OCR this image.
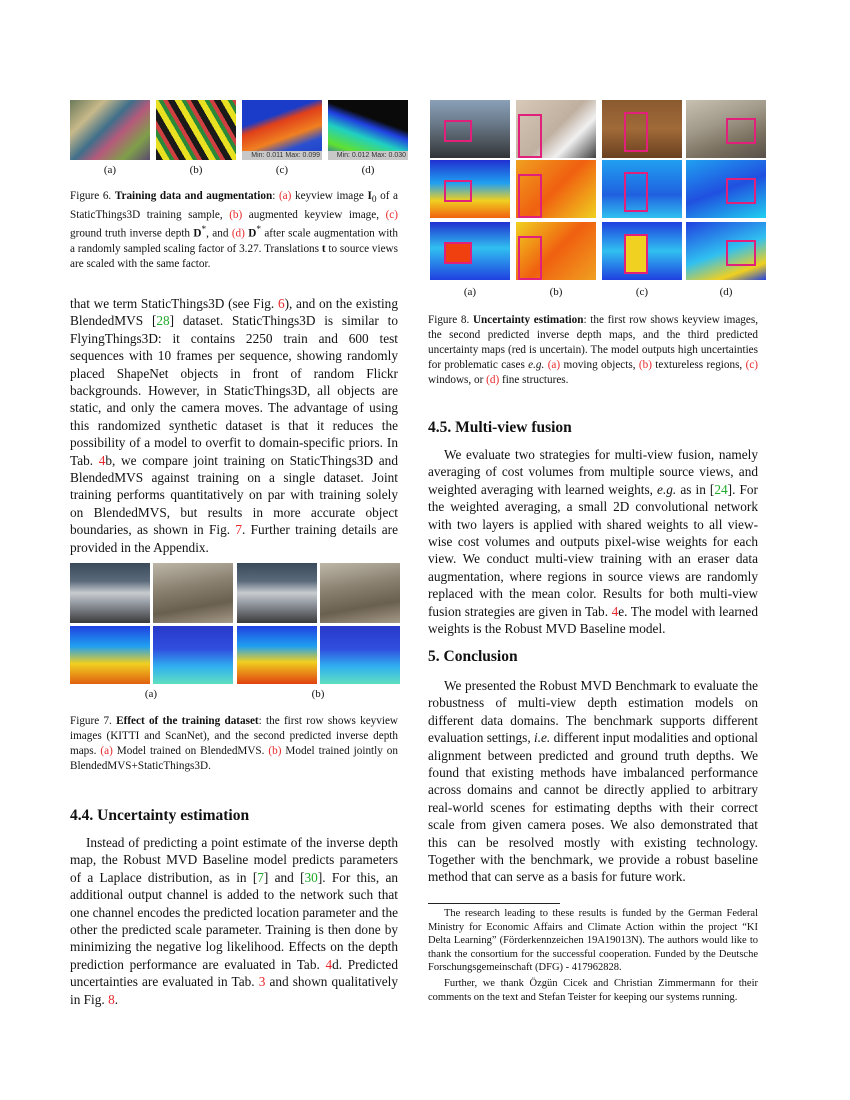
Min: 0.011 Max: 0.099	Min: 0.012 Max: 0.030
(a)	(b)	(c)	(d)
Figure 6. Training data and augmentation: (a) keyview image $I_0$ of a StaticThings3D training sample, (b) augmented keyview image, (c) ground truth inverse depth D*, and (d) D* after scale augmentation with a randomly sampled scaling factor of 3.27. Translations t to source views are scaled with the same factor.
that we term StaticThings3D (see Fig. 6), and on the existing BlendedMVS [28] dataset. StaticThings3D is similar to FlyingThings3D: it contains 2250 train and 600 test sequences with 10 frames per sequence, showing randomly placed ShapeNet objects in front of random Flickr backgrounds. However, in StaticThings3D, all objects are static, and only the camera moves. The advantage of using this randomized synthetic dataset is that it reduces the possibility of a model to overfit to domain-specific priors. In Tab. 4b, we compare joint training on StaticThings3D and BlendedMVS against training on a single dataset. Joint training performs quantitatively on par with training solely on BlendedMVS, but results in more accurate object boundaries, as shown in Fig. 7. Further training details are provided in the Appendix.
(a)	(b)
Figure 7. Effect of the training dataset: the first row shows keyview images (KITTI and ScanNet), and the second predicted inverse depth maps. (a) Model trained on BlendedMVS. (b) Model trained jointly on BlendedMVS+StaticThings3D.
4.4. Uncertainty estimation
Instead of predicting a point estimate of the inverse depth map, the Robust MVD Baseline model predicts parameters of a Laplace distribution, as in [7] and [30]. For this, an additional output channel is added to the network such that one channel encodes the predicted location parameter and the other the predicted scale parameter. Training is then done by minimizing the negative log likelihood. Effects on the depth prediction performance are evaluated in Tab. 4d. Predicted uncertainties are evaluated in Tab. 3 and shown qualitatively in Fig. 8.
(a)	(b)	(c)	(d)
Figure 8. Uncertainty estimation: the first row shows keyview images, the second predicted inverse depth maps, and the third predicted uncertainty maps (red is uncertain). The model outputs high uncertainties for problematic cases e.g. (a) moving objects, (b) textureless regions, (c) windows, or (d) fine structures.
4.5. Multi-view fusion
We evaluate two strategies for multi-view fusion, namely averaging of cost volumes from multiple source views, and weighted averaging with learned weights, e.g. as in [24]. For the weighted averaging, a small 2D convolutional network with two layers is applied with shared weights to all view-wise cost volumes and outputs pixel-wise weights for each view. We conduct multi-view training with an eraser data augmentation, where regions in source views are randomly replaced with the mean color. Results for both multi-view fusion strategies are given in Tab. 4e. The model with learned weights is the Robust MVD Baseline model.
5. Conclusion
We presented the Robust MVD Benchmark to evaluate the robustness of multi-view depth estimation models on different data domains. The benchmark supports different evaluation settings, i.e. different input modalities and optional alignment between predicted and ground truth depths. We found that existing methods have imbalanced performance across domains and cannot be directly applied to arbitrary real-world scenes for estimating depths with their correct scale from given camera poses. We also demonstrated that this can be resolved mostly with existing technology. Together with the benchmark, we provide a robust baseline method that can serve as a basis for future work.

The research leading to these results is funded by the German Federal Ministry for Economic Affairs and Climate Action within the project “KI Delta Learning” (Förderkennzeichen 19A19013N). The authors would like to thank the consortium for the successful cooperation. Funded by the Deutsche Forschungsgemeinschaft (DFG) - 417962828.

Further, we thank Özgün Cicek and Christian Zimmermann for their comments on the text and Stefan Teister for keeping our systems running.
